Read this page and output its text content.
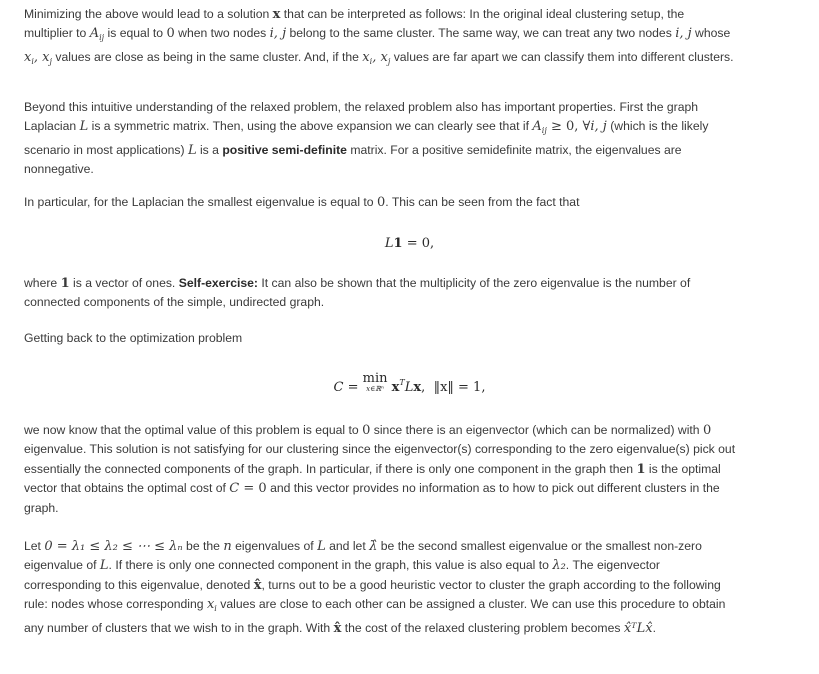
Minimizing the above would lead to a solution x that can be interpreted as follows: In the original ideal clustering setup, the multiplier to $A_{ij}$ is equal to 0 when two nodes i, j belong to the same cluster. The same way, we can treat any two nodes i, j whose $x_i$, $x_j$ values are close as being in the same cluster. And, if the $x_i$, $x_j$ values are far apart we can classify them into different clusters.

Beyond this intuitive understanding of the relaxed problem, the relaxed problem also has important properties. First the graph Laplacian L is a symmetric matrix. Then, using the above expansion we can clearly see that if $A_{ij} \ge 0$, ∀i, j (which is the likely scenario in most applications) L is a positive semi-definite matrix. For a positive semidefinite matrix, the eigenvalues are nonnegative.

In particular, for the Laplacian the smallest eigenvalue is equal to 0. This can be seen from the fact that

L1 = 0,

where 1 is a vector of ones. Self-exercise: It can also be shown that the multiplicity of the zero eigenvalue is the number of connected components of the simple, undirected graph.

Getting back to the optimization problem

C = min
x∈ℝⁿ $x^TLx$,  ‖x‖ = 1,

we now know that the optimal value of this problem is equal to 0 since there is an eigenvector (which can be normalized) with 0 eigenvalue. This solution is not satisfying for our clustering since the eigenvector(s) corresponding to the zero eigenvalue(s) pick out essentially the connected components of the graph. In particular, if there is only one component in the graph then 1 is the optimal vector that obtains the optimal cost of C = 0 and this vector provides no information as to how to pick out different clusters in the graph.

Let 0 = λ₁ ≤ λ₂ ≤ ⋯ ≤ λₙ be the n eigenvalues of L and let λ̂ be the second smallest eigenvalue or the smallest non-zero eigenvalue of L. If there is only one connected component in the graph, this value is also equal to λ₂. The eigenvector corresponding to this eigenvalue, denoted x̂, turns out to be a good heuristic vector to cluster the graph according to the following rule: nodes whose corresponding $x_i$ values are close to each other can be assigned a cluster. We can use this procedure to obtain any number of clusters that we wish to in the graph. With x̂ the cost of the relaxed clustering problem becomes x̂ᵀLx̂.
